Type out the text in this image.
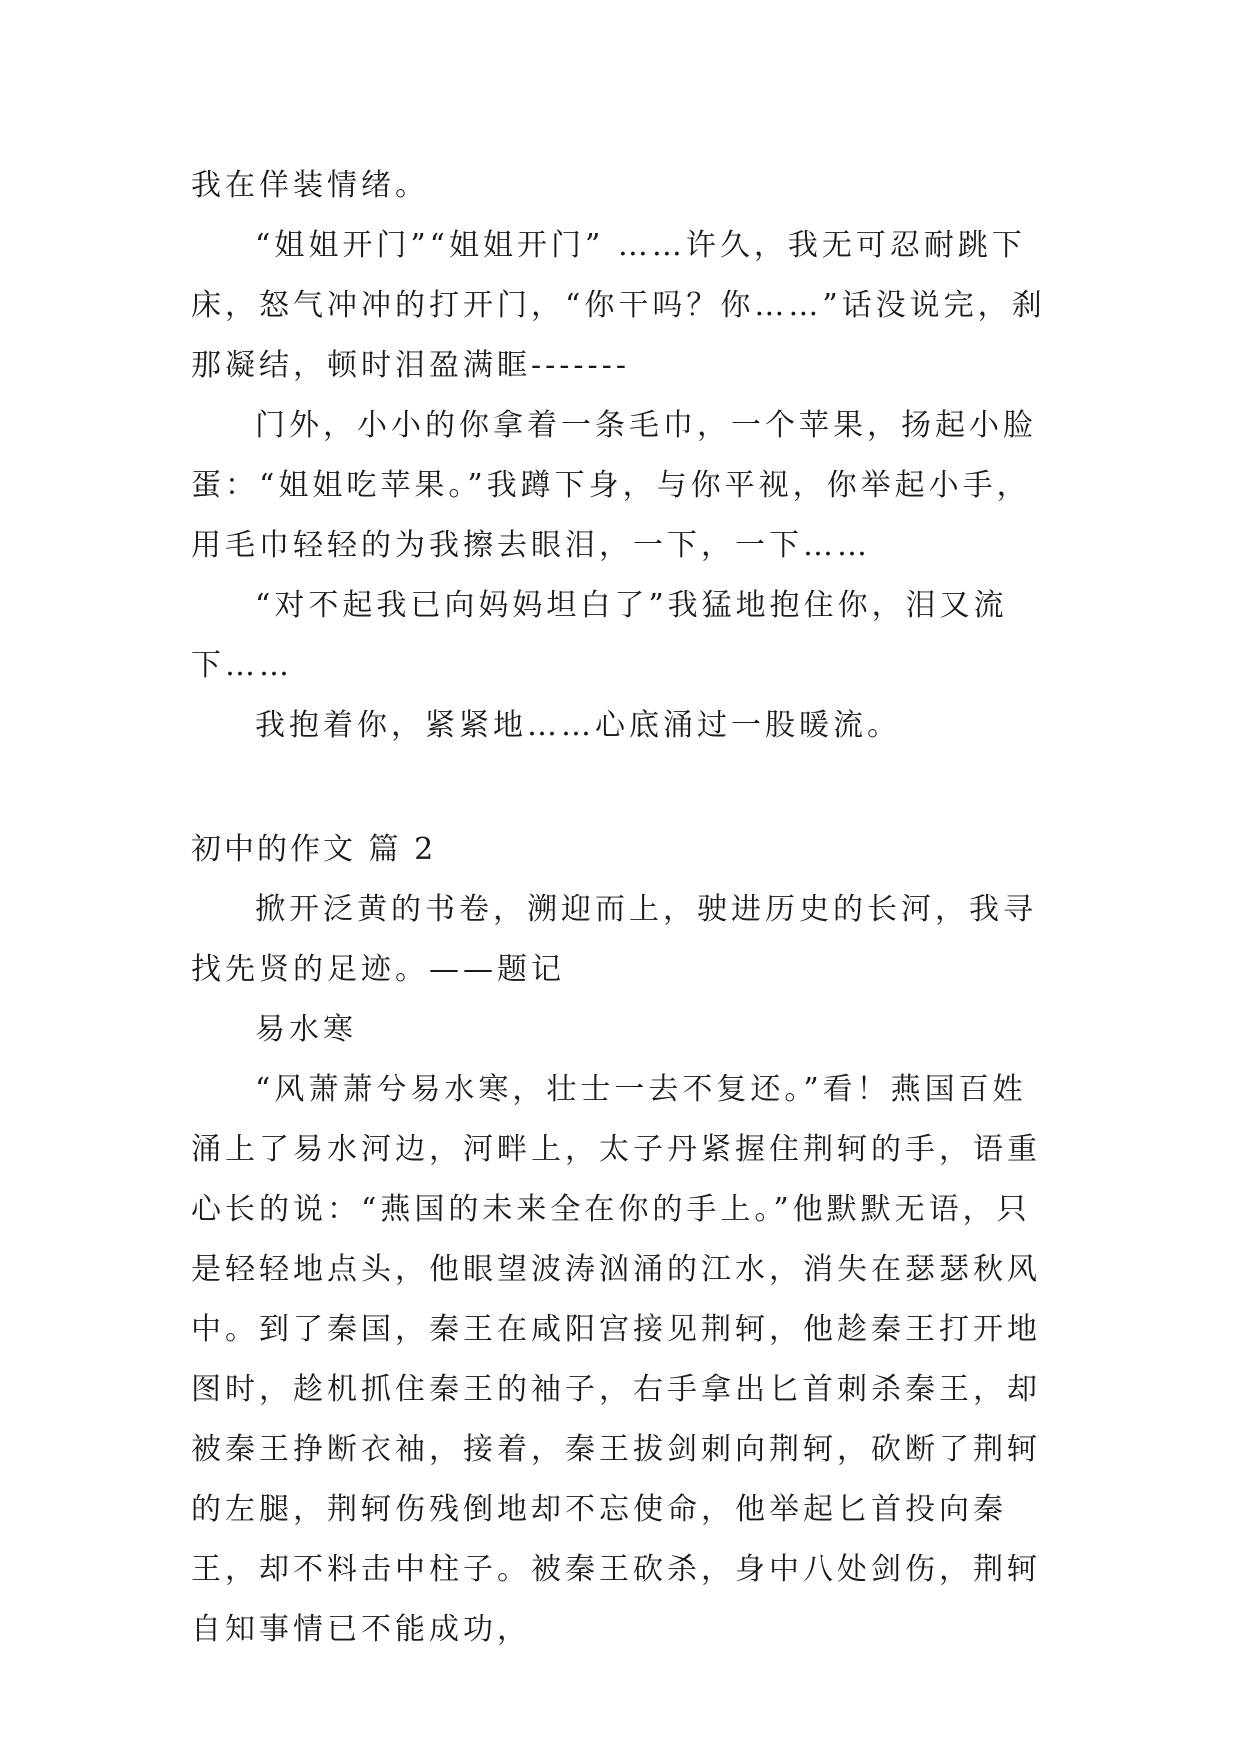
我在佯装情绪。

“姐姐开门”“姐姐开门” ……许久，我无可忍耐跳下床，怒气冲冲的打开门，“你干吗？你……”话没说完，刹那凝结，顿时泪盈满眶-------

门外，小小的你拿着一条毛巾，一个苹果，扬起小脸蛋：“姐姐吃苹果。”我蹲下身，与你平视，你举起小手，用毛巾轻轻的为我擦去眼泪，一下，一下……

“对不起我已向妈妈坦白了”我猛地抱住你，泪又流下……

我抱着你，紧紧地……心底涌过一股暖流。

初中的作文 篇 2

掀开泛黄的书卷，溯迎而上，驶进历史的长河，我寻找先贤的足迹。——题记

易水寒

“风萧萧兮易水寒，壮士一去不复还。”看！燕国百姓涌上了易水河边，河畔上，太子丹紧握住荆轲的手，语重心长的说：“燕国的未来全在你的手上。”他默默无语，只是轻轻地点头，他眼望波涛汹涌的江水，消失在瑟瑟秋风中。到了秦国，秦王在咸阳宫接见荆轲，他趁秦王打开地图时，趁机抓住秦王的袖子，右手拿出匕首刺杀秦王，却被秦王挣断衣袖，接着，秦王拔剑刺向荆轲，砍断了荆轲的左腿，荆轲伤残倒地却不忘使命，他举起匕首投向秦王，却不料击中柱子。被秦王砍杀，身中八处剑伤，荆轲自知事情已不能成功，
